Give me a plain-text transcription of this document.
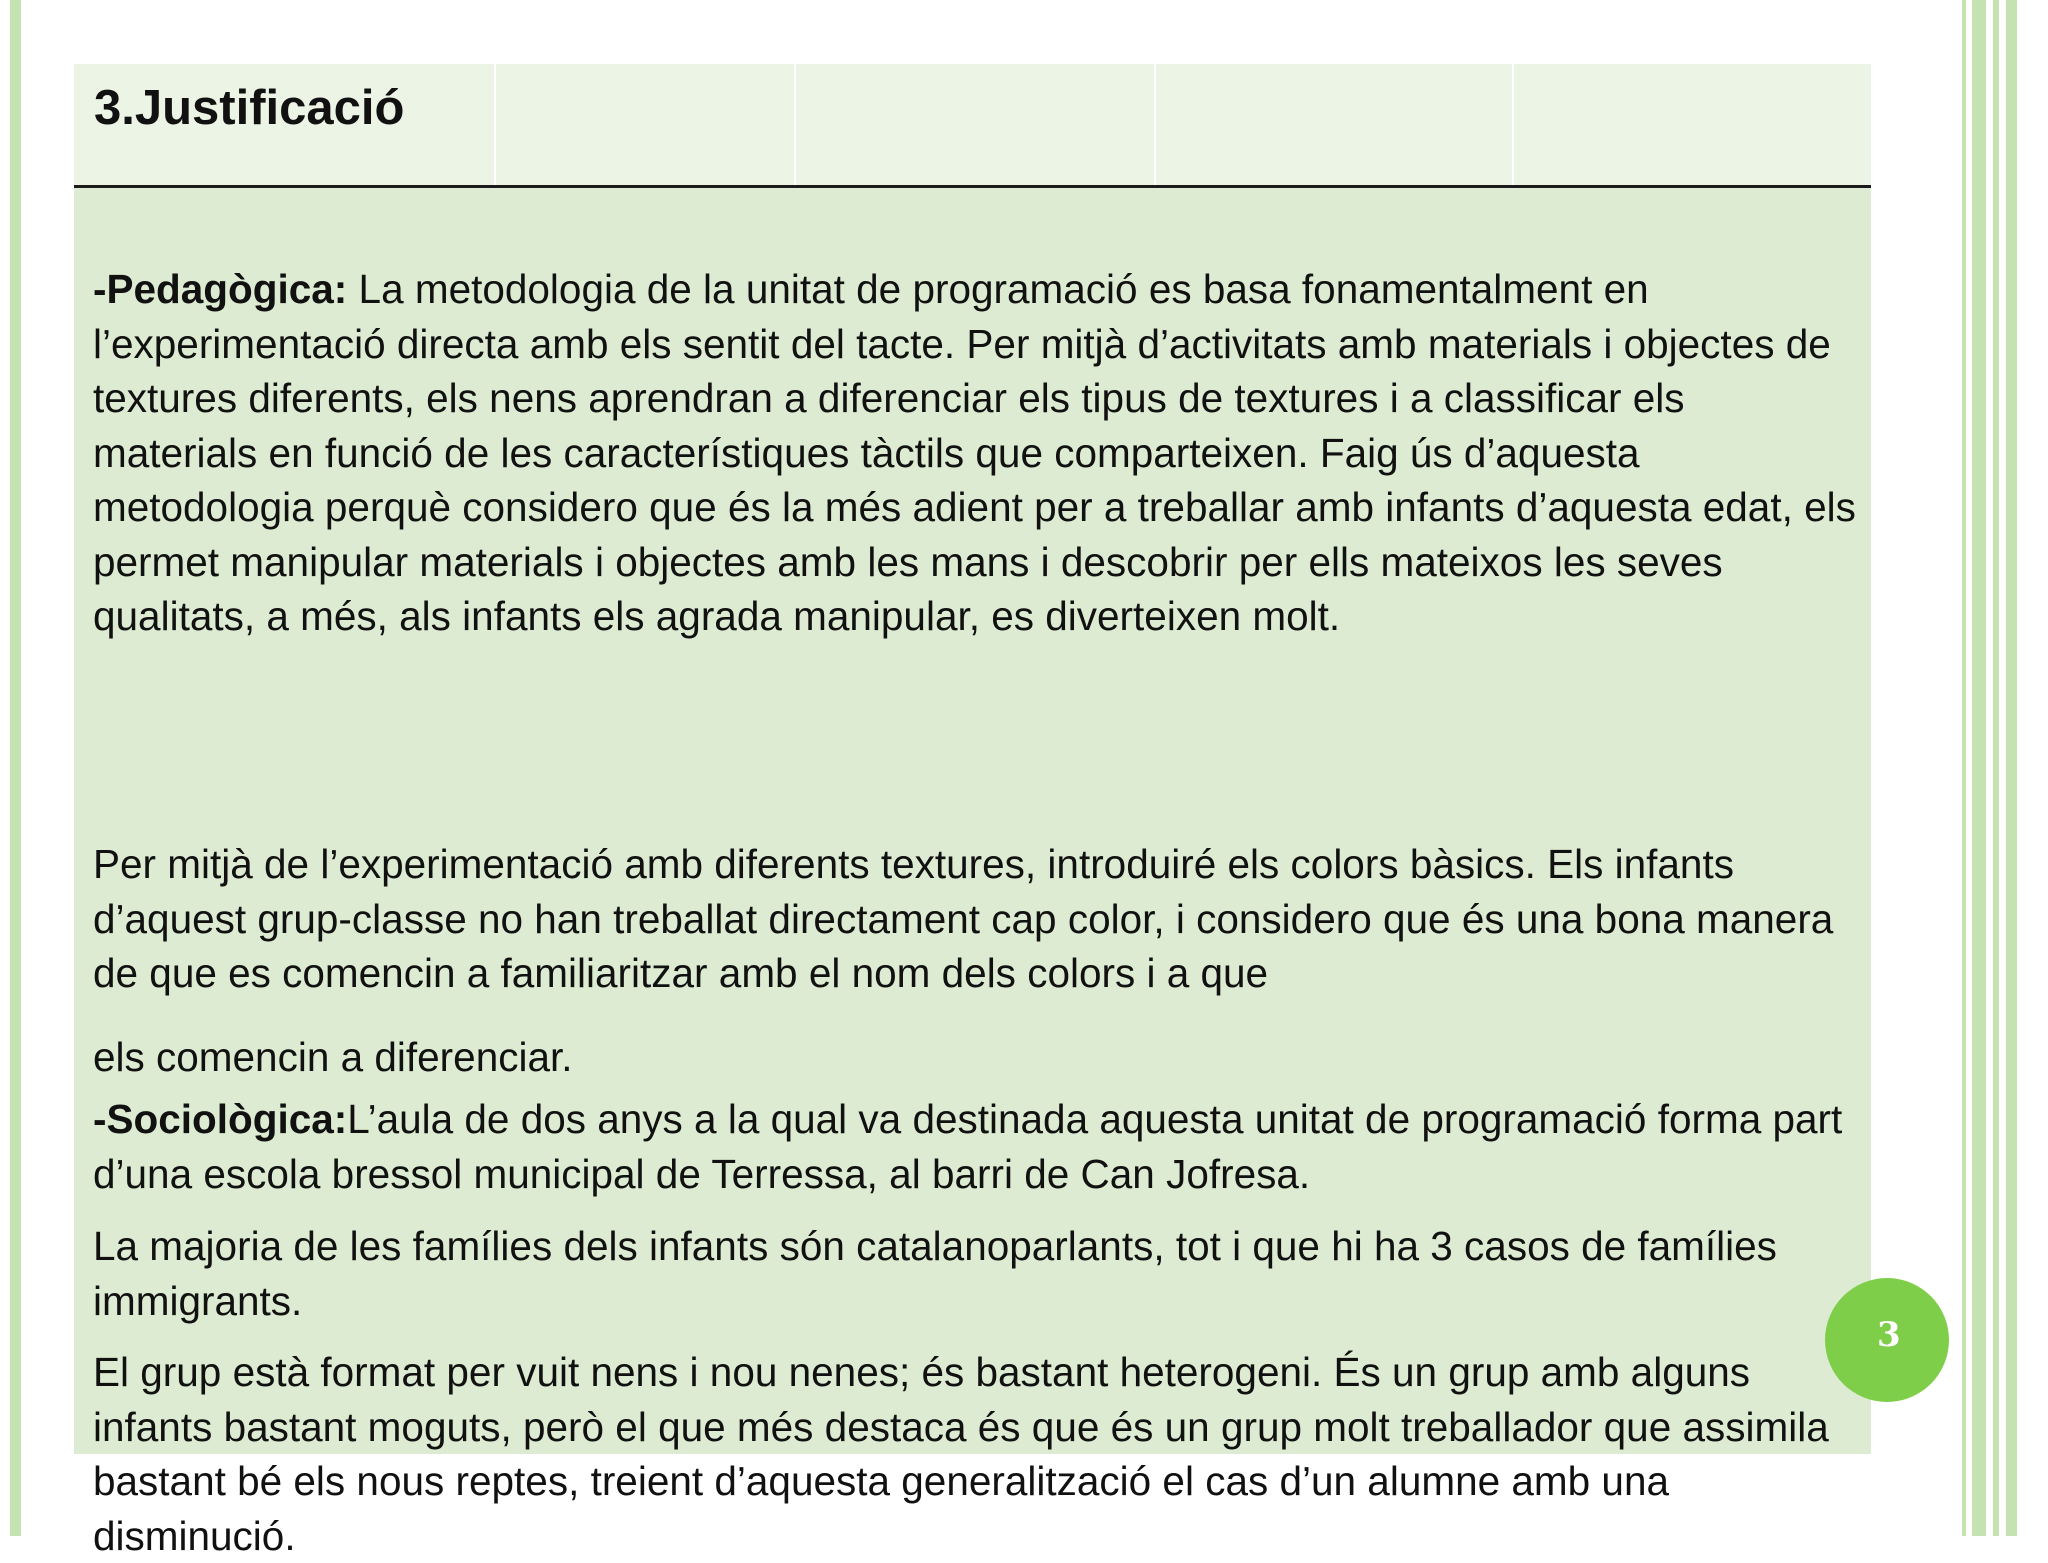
3.Justificació

-Pedagògica: La metodologia de la unitat de programació es basa fonamentalment en l’experimentació directa amb els sentit del tacte. Per mitjà d’activitats amb materials i objectes de textures diferents, els nens aprendran a diferenciar els tipus de textures i a classificar els materials en funció de les característiques tàctils que comparteixen. Faig ús d’aquesta metodologia perquè considero que és la més adient per a treballar amb infants d’aquesta edat, els permet manipular materials i objectes amb les mans i descobrir per ells mateixos les seves qualitats, a més, als infants els agrada manipular, es diverteixen molt.

Per mitjà de l’experimentació amb diferents textures, introduiré els colors bàsics. Els infants d’aquest grup-classe no han treballat directament cap color, i considero que és una bona manera de que es comencin a familiaritzar amb el nom dels colors i a que

els comencin a diferenciar.

-Sociològica:L’aula de dos anys a la qual va destinada aquesta unitat de programació forma part d’una escola bressol municipal de Terressa, al barri de Can Jofresa.

La majoria de les famílies dels infants són catalanoparlants, tot i que hi ha 3 casos de famílies immigrants.

El grup està format per vuit nens i nou nenes; és bastant heterogeni. És un grup amb alguns infants bastant moguts, però el que més destaca és que és un grup molt treballador que assimila bastant bé els nous reptes, treient d’aquesta generalització el cas d’un alumne amb una disminució.

3
